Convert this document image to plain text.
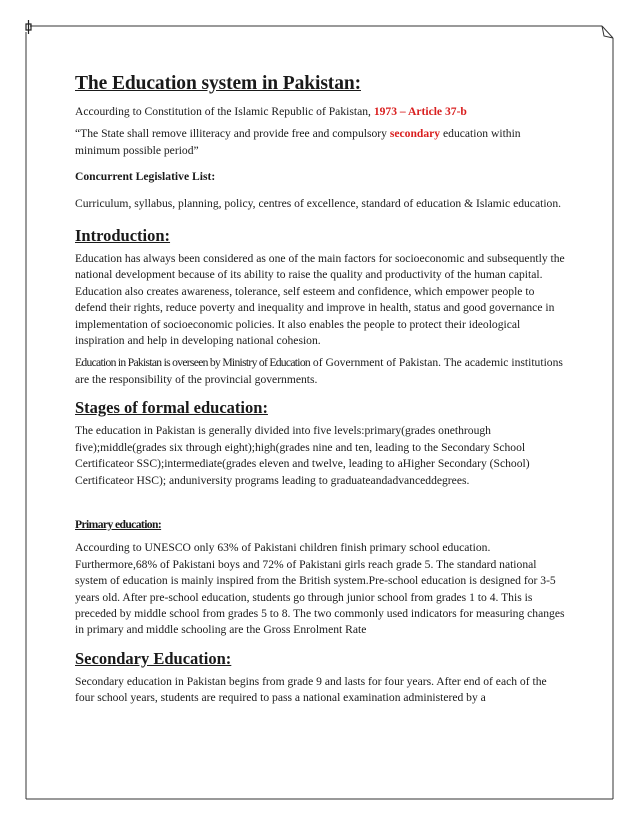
The Education system in Pakistan:

Accourding to Constitution of the Islamic Republic of Pakistan, 1973 – Article 37-b

“The State shall remove illiteracy and provide free and compulsory secondary education within minimum possible period”

Concurrent Legislative List:

Curriculum, syllabus, planning, policy, centres of excellence, standard of education & Islamic education.

Introduction:

Education has always been considered as one of the main factors for socioeconomic and subsequently the national development because of its ability to raise the quality and productivity of the human capital. Education also creates awareness, tolerance, self esteem and confidence, which empower people to defend their rights, reduce poverty and inequality and improve in health, status and good governance in implementation of socioeconomic policies. It also enables the people to protect their ideological inspiration and help in developing national cohesion.

Education in Pakistan is overseen by Ministry of Education of Government of Pakistan. The academic institutions are the responsibility of the provincial governments.

Stages of formal education:

The education in Pakistan is generally divided into five levels:primary(grades onethrough five);middle(grades six through eight);high(grades nine and ten, leading to the Secondary School Certificateor SSC);intermediate(grades eleven and twelve, leading to aHigher Secondary (School) Certificateor HSC); anduniversity programs leading to graduateandadvanceddegrees.

Primary education:

Accourding to UNESCO only 63% of Pakistani children finish primary school education. Furthermore,68% of Pakistani boys and 72% of Pakistani girls reach grade 5. The standard national system of education is mainly inspired from the British system.Pre-school education is designed for 3-5 years old. After pre-school education, students go through junior school from grades 1 to 4. This is preceded by middle school from grades 5 to 8. The two commonly used indicators for measuring changes in primary and middle schooling are the Gross Enrolment Rate

Secondary Education:

Secondary education in Pakistan begins from grade 9 and lasts for four years. After end of each of the four school years, students are required to pass a national examination administered by a
